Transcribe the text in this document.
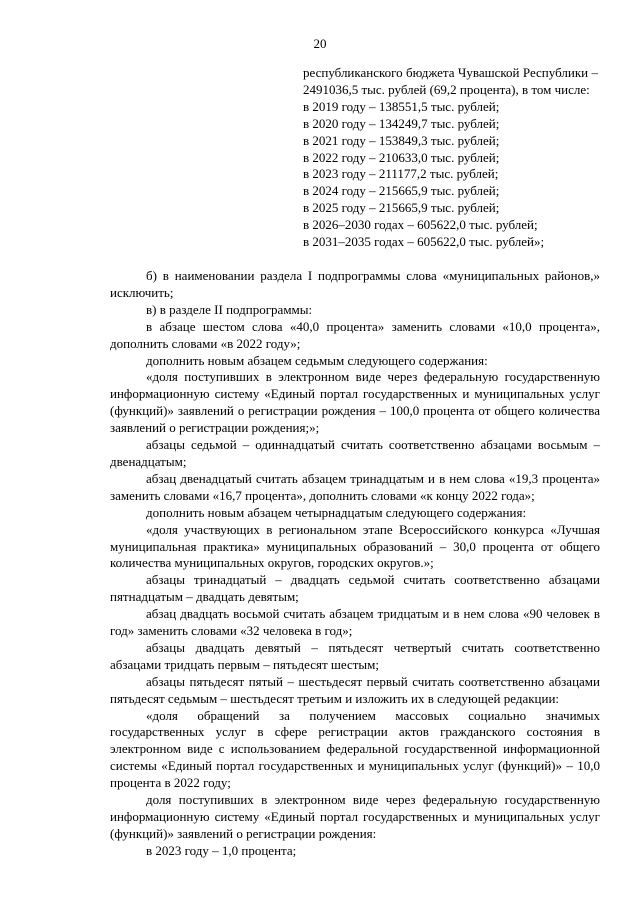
20

республиканского бюджета Чувашской Республики – 2491036,5 тыс. рублей (69,2 процента), в том числе:

в 2019 году – 138551,5 тыс. рублей;

в 2020 году – 134249,7 тыс. рублей;

в 2021 году – 153849,3 тыс. рублей;

в 2022 году – 210633,0 тыс. рублей;

в 2023 году – 211177,2 тыс. рублей;

в 2024 году – 215665,9 тыс. рублей;

в 2025 году – 215665,9 тыс. рублей;

в 2026–2030 годах – 605622,0 тыс. рублей;

в 2031–2035 годах – 605622,0 тыс. рублей»;

б) в наименовании раздела I подпрограммы слова «муниципальных районов,» исключить;

в) в разделе II подпрограммы:

в абзаце шестом слова «40,0 процента» заменить словами «10,0 процента», дополнить словами «в 2022 году»;

дополнить новым абзацем седьмым следующего содержания:

«доля поступивших в электронном виде через федеральную государственную информационную систему «Единый портал государственных и муниципальных услуг (функций)» заявлений о регистрации рождения – 100,0 процента от общего количества заявлений о регистрации рождения;»;

абзацы седьмой – одиннадцатый считать соответственно абзацами восьмым – двенадцатым;

абзац двенадцатый считать абзацем тринадцатым и в нем слова «19,3 процента» заменить словами «16,7 процента», дополнить словами «к концу 2022 года»;

дополнить новым абзацем четырнадцатым следующего содержания:

«доля участвующих в региональном этапе Всероссийского конкурса «Лучшая муниципальная практика» муниципальных образований – 30,0 процента от общего количества муниципальных округов, городских округов.»;

абзацы тринадцатый – двадцать седьмой считать соответственно абзацами пятнадцатым – двадцать девятым;

абзац двадцать восьмой считать абзацем тридцатым и в нем слова «90 человек в год» заменить словами «32 человека в год»;

абзацы двадцать девятый – пятьдесят четвертый считать соответственно абзацами тридцать первым – пятьдесят шестым;

абзацы пятьдесят пятый – шестьдесят первый считать соответственно абзацами пятьдесят седьмым – шестьдесят третьим и изложить их в следующей редакции:

«доля обращений за получением массовых социально значимых государственных услуг в сфере регистрации актов гражданского состояния в электронном виде с использованием федеральной государственной информационной системы «Единый портал государственных и муниципальных услуг (функций)» – 10,0 процента в 2022 году;

доля поступивших в электронном виде через федеральную государственную информационную систему «Единый портал государственных и муниципальных услуг (функций)» заявлений о регистрации рождения:

в 2023 году – 1,0 процента;
